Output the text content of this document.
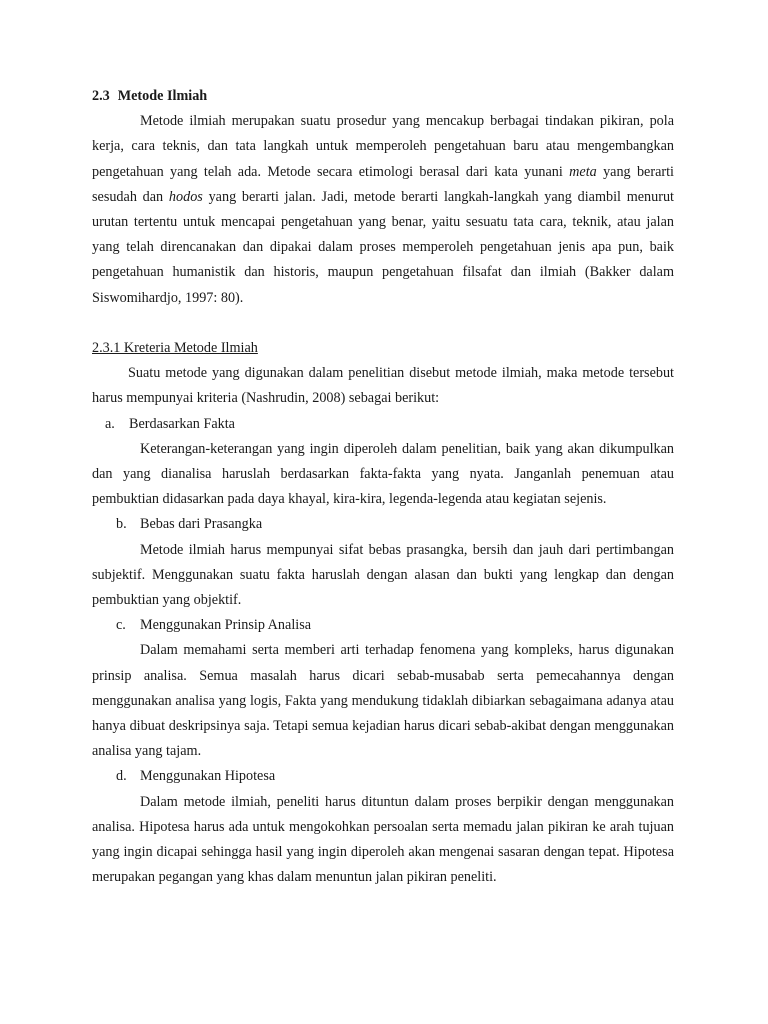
2.3 Metode Ilmiah

Metode ilmiah merupakan suatu prosedur yang mencakup berbagai tindakan pikiran, pola kerja, cara teknis, dan tata langkah untuk memperoleh pengetahuan baru atau mengembangkan pengetahuan yang telah ada. Metode secara etimologi berasal dari kata yunani meta yang berarti sesudah dan hodos yang berarti jalan. Jadi, metode berarti langkah-langkah yang diambil menurut urutan tertentu untuk mencapai pengetahuan yang benar, yaitu sesuatu tata cara, teknik, atau jalan yang telah direncanakan dan dipakai dalam proses memperoleh pengetahuan jenis apa pun, baik pengetahuan humanistik dan historis, maupun pengetahuan filsafat dan ilmiah (Bakker dalam Siswomihardjo, 1997: 80).

2.3.1 Kreteria Metode Ilmiah

Suatu metode yang digunakan dalam penelitian disebut metode ilmiah, maka metode tersebut harus mempunyai kriteria (Nashrudin, 2008) sebagai berikut:

a. Berdasarkan Fakta

Keterangan-keterangan yang ingin diperoleh dalam penelitian, baik yang akan dikumpulkan dan yang dianalisa haruslah berdasarkan fakta-fakta yang nyata. Janganlah penemuan atau pembuktian didasarkan pada daya khayal, kira-kira, legenda-legenda atau kegiatan sejenis.

b. Bebas dari Prasangka

Metode ilmiah harus mempunyai sifat bebas prasangka, bersih dan jauh dari pertimbangan subjektif. Menggunakan suatu fakta haruslah dengan alasan dan bukti yang lengkap dan dengan pembuktian yang objektif.

c. Menggunakan Prinsip Analisa

Dalam memahami serta memberi arti terhadap fenomena yang kompleks, harus digunakan prinsip analisa. Semua masalah harus dicari sebab-musabab serta pemecahannya dengan menggunakan analisa yang logis, Fakta yang mendukung tidaklah dibiarkan sebagaimana adanya atau hanya dibuat deskripsinya saja. Tetapi semua kejadian harus dicari sebab-akibat dengan menggunakan analisa yang tajam.

d. Menggunakan Hipotesa

Dalam metode ilmiah, peneliti harus dituntun dalam proses berpikir dengan menggunakan analisa. Hipotesa harus ada untuk mengokohkan persoalan serta memadu jalan pikiran ke arah tujuan yang ingin dicapai sehingga hasil yang ingin diperoleh akan mengenai sasaran dengan tepat. Hipotesa merupakan pegangan yang khas dalam menuntun jalan pikiran peneliti.
